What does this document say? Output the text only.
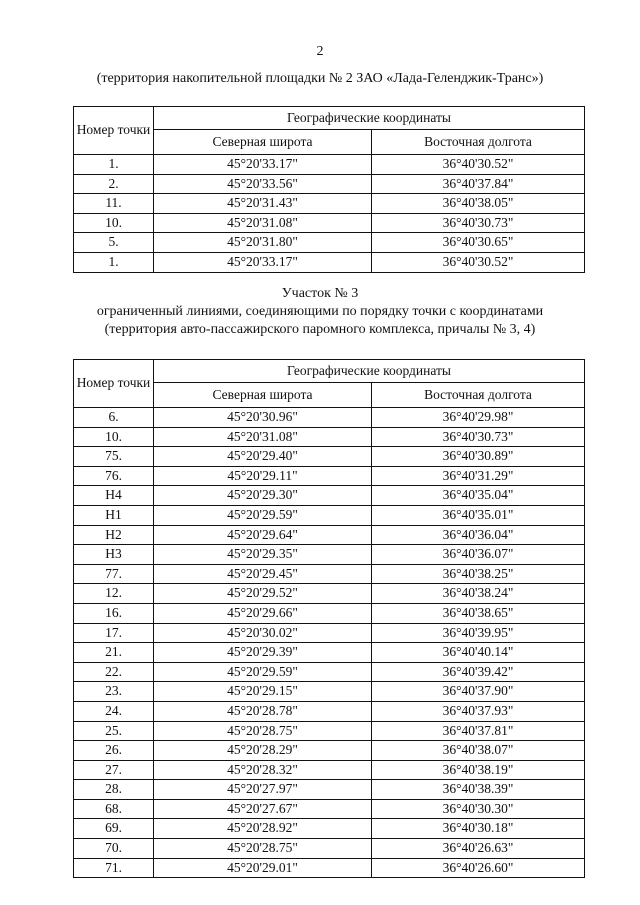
2
(территория накопительной площадки № 2 ЗАО «Лада-Геленджик-Транс»)
Номер точки	Географические координаты	
	Северная широта	Восточная долгота
1.	45°20'33.17"	36°40'30.52"
2.	45°20'33.56"	36°40'37.84"
11.	45°20'31.43"	36°40'38.05"
10.	45°20'31.08"	36°40'30.73"
5.	45°20'31.80"	36°40'30.65"
1.	45°20'33.17"	36°40'30.52"
Участок № 3
ограниченный линиями, соединяющими по порядку точки с координатами
(территория авто-пассажирского паромного комплекса, причалы № 3, 4)
Номер точки	Географические координаты	
	Северная широта	Восточная долгота
6.	45°20'30.96"	36°40'29.98"
10.	45°20'31.08"	36°40'30.73"
75.	45°20'29.40"	36°40'30.89"
76.	45°20'29.11"	36°40'31.29"
Н4	45°20'29.30"	36°40'35.04"
Н1	45°20'29.59"	36°40'35.01"
Н2	45°20'29.64"	36°40'36.04"
Н3	45°20'29.35"	36°40'36.07"
77.	45°20'29.45"	36°40'38.25"
12.	45°20'29.52"	36°40'38.24"
16.	45°20'29.66"	36°40'38.65"
17.	45°20'30.02"	36°40'39.95"
21.	45°20'29.39"	36°40'40.14"
22.	45°20'29.59"	36°40'39.42"
23.	45°20'29.15"	36°40'37.90"
24.	45°20'28.78"	36°40'37.93"
25.	45°20'28.75"	36°40'37.81"
26.	45°20'28.29"	36°40'38.07"
27.	45°20'28.32"	36°40'38.19"
28.	45°20'27.97"	36°40'38.39"
68.	45°20'27.67"	36°40'30.30"
69.	45°20'28.92"	36°40'30.18"
70.	45°20'28.75"	36°40'26.63"
71.	45°20'29.01"	36°40'26.60"
